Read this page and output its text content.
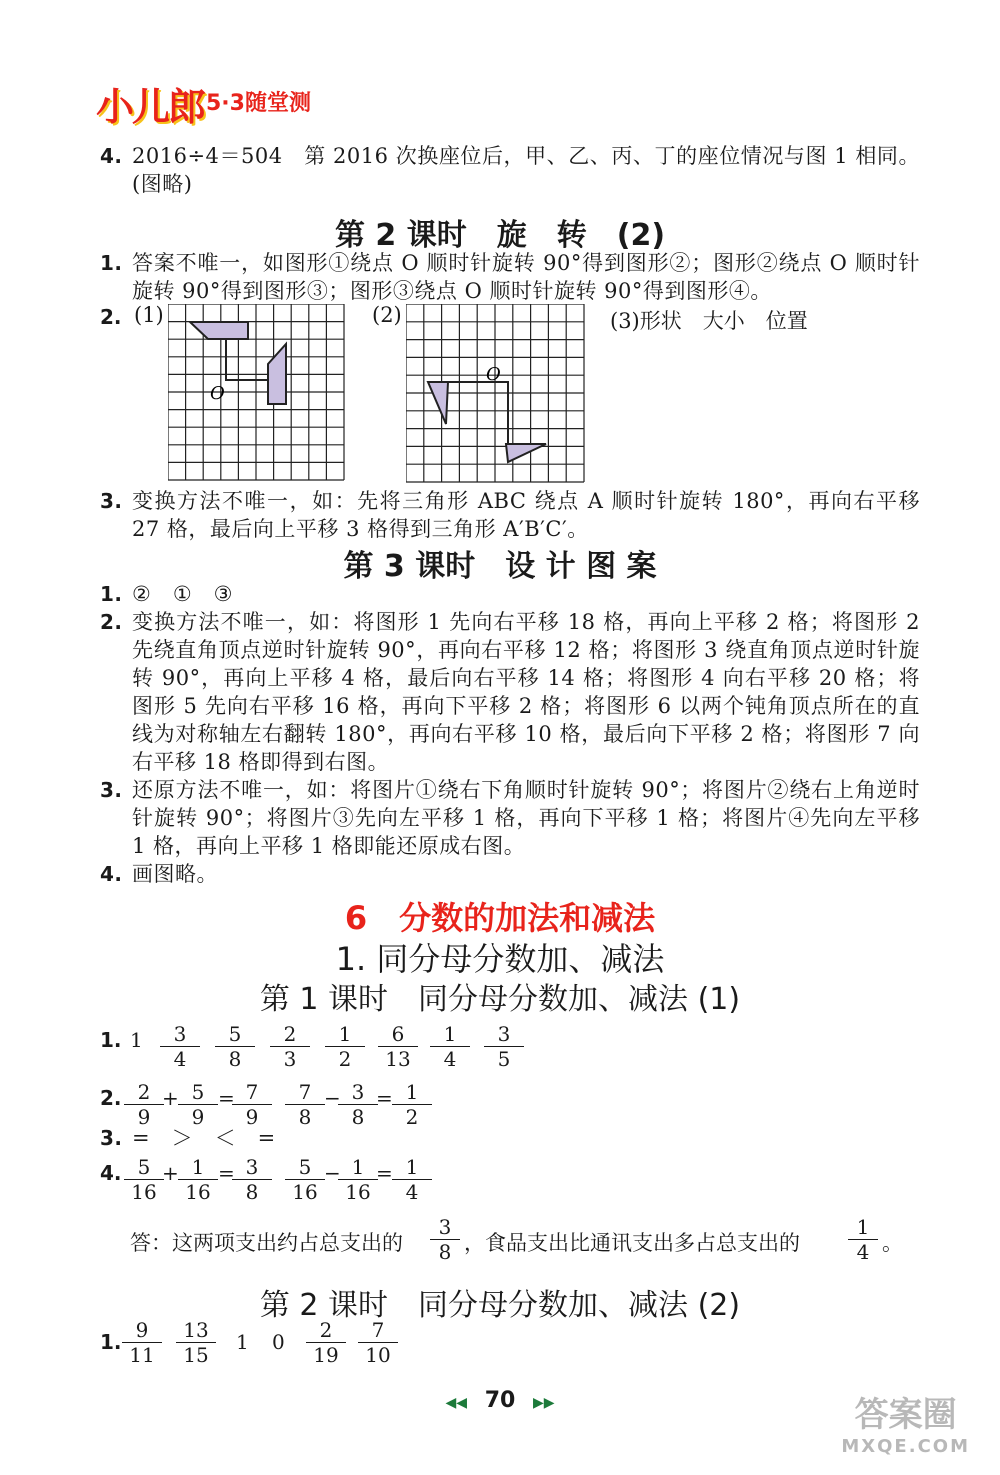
小儿郎 5·3随堂测
4. 2016÷4＝504　第 2016 次换座位后，甲、乙、丙、丁的座位情况与图 1 相同。(图略)
第 2 课时　旋　转　(2)
1. 答案不唯一，如图形①绕点 O 顺时针旋转 90°得到图形②；图形②绕点 O 顺时针旋转 90°得到图形③；图形③绕点 O 顺时针旋转 90°得到图形④。
2. (1)	(2)	(3)形状　大小　位置
O
O
3. 变换方法不唯一，如：先将三角形 ABC 绕点 A 顺时针旋转 180°，再向右平移 27 格，最后向上平移 3 格得到三角形 A′B′C′。
第 3 课时　设 计 图 案
1. ②　①　③
2. 变换方法不唯一，如：将图形 1 先向右平移 18 格，再向上平移 2 格；将图形 2 先绕直角顶点逆时针旋转 90°，再向右平移 12 格；将图形 3 绕直角顶点逆时针旋转 90°，再向上平移 4 格，最后向右平移 14 格；将图形 4 向右平移 20 格；将图形 5 先向右平移 16 格，再向下平移 2 格；将图形 6 以两个钝角顶点所在的直线为对称轴左右翻转 180°，再向右平移 10 格，最后向下平移 2 格；将图形 7 向右平移 18 格即得到右图。
3. 还原方法不唯一，如：将图片①绕右下角顺时针旋转 90°；将图片②绕右上角逆时针旋转 90°；将图片③先向左平移 1 格，再向下平移 1 格；将图片④先向左平移 1 格，再向上平移 1 格即能还原成右图。
4. 画图略。
6　分数的加法和减法
1. 同分母分数加、减法
第 1 课时　同分母分数加、减法 (1)
1. $1 \frac{3}{4} \frac{5}{8} \frac{2}{3} \frac{1}{2} \frac{6}{13} \frac{1}{4} \frac{3}{5}$
2. $\frac{2}{9}$
+ $\frac{5}{9}$ =
$\frac{7}{9} \frac{7}{8}$ −
$\frac{3}{8}$
= $\frac{1}{2}$
3. =　＞　＜　=
4. $\frac{5}{16}$
+ $\frac{1}{16}$ =
$\frac{3}{8} \frac{5}{16}$ −
$\frac{1}{16}$
= $\frac{1}{4}$
答：这两项支出约占总支出的 $\frac{3}{8}$ ，食品支出比通讯支出多占总支出的 $\frac{1}{4}$ 。
第 2 课时　同分母分数加、减法 (2)
1. $\frac{9}{11} \frac{13}{15} 1$ $0 \frac{2}{19} \frac{7}{10}$
◀◀ 70 ▶▶	答案圈
MXQE.COM
